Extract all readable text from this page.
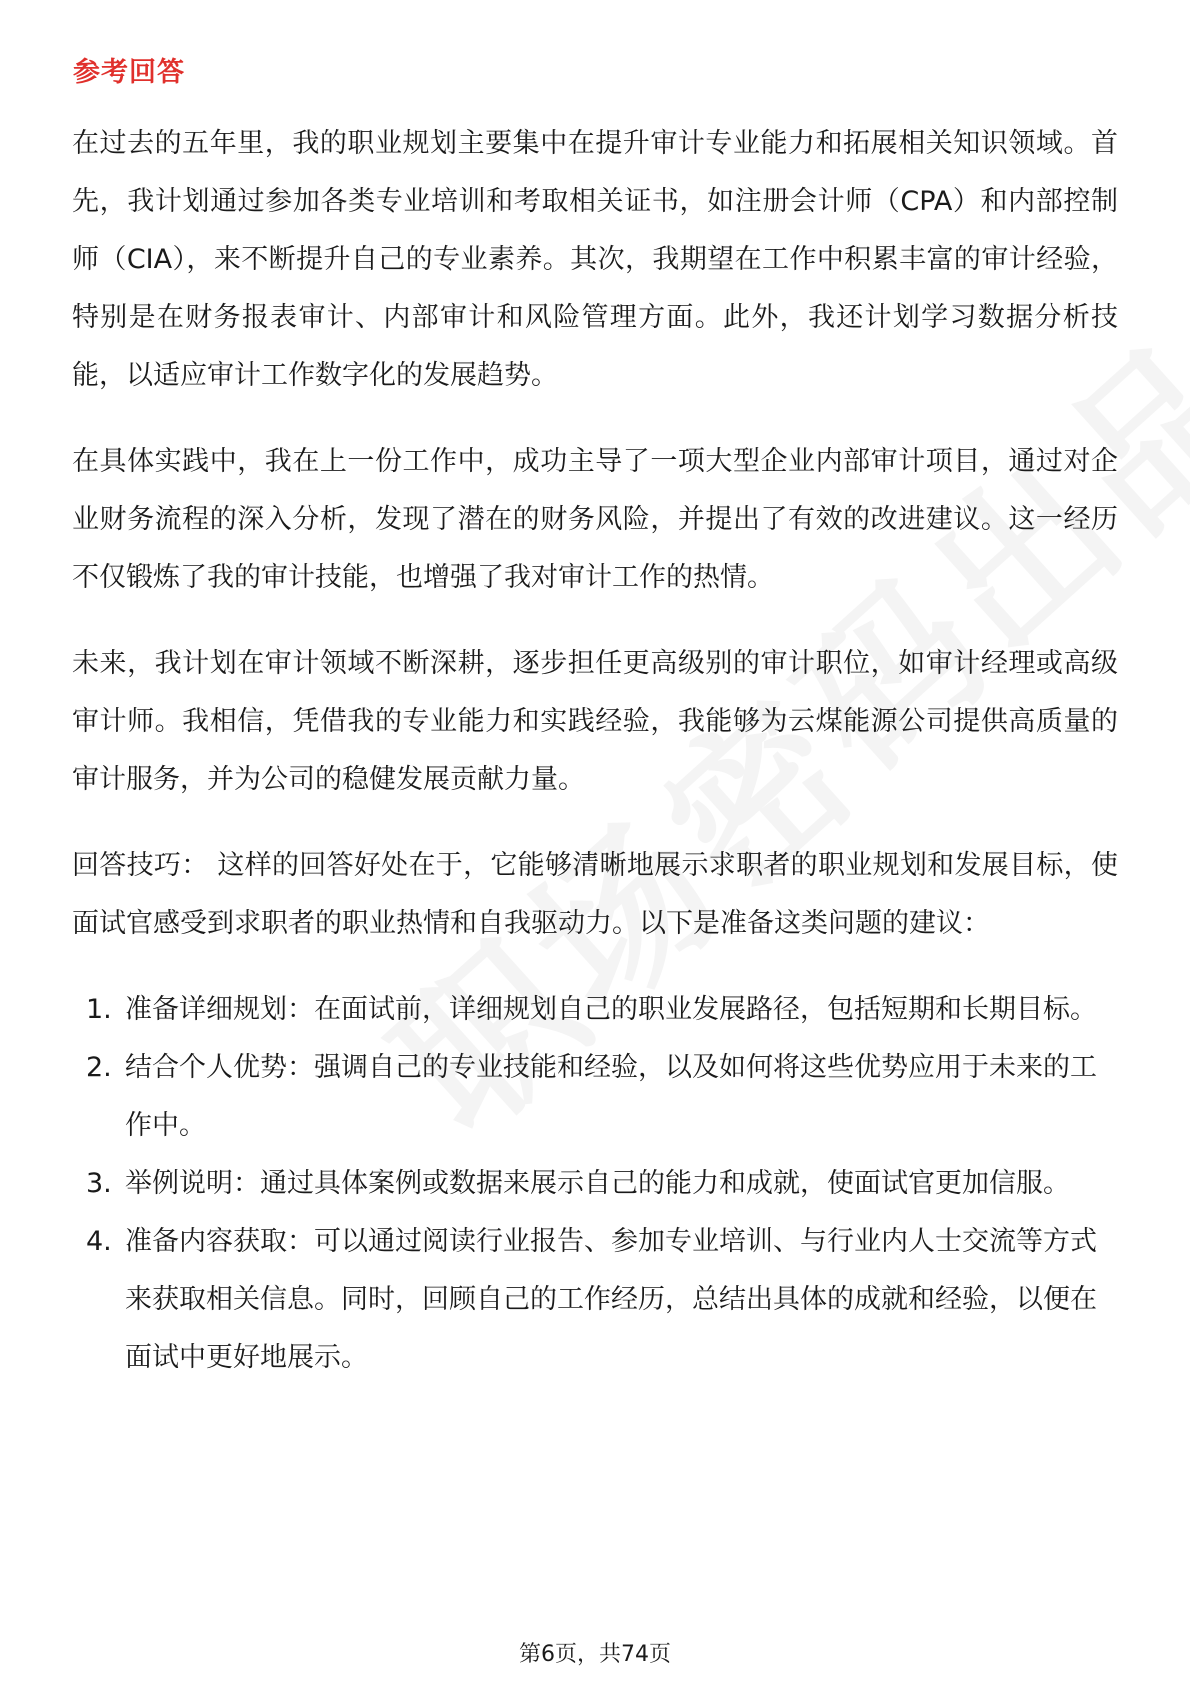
参考回答

在过去的五年里，我的职业规划主要集中在提升审计专业能力和拓展相关知识领域。首先，我计划通过参加各类专业培训和考取相关证书，如注册会计师（CPA）和内部控制师（CIA），来不断提升自己的专业素养。其次，我期望在工作中积累丰富的审计经验，特别是在财务报表审计、内部审计和风险管理方面。此外，我还计划学习数据分析技能，以适应审计工作数字化的发展趋势。

在具体实践中，我在上一份工作中，成功主导了一项大型企业内部审计项目，通过对企业财务流程的深入分析，发现了潜在的财务风险，并提出了有效的改进建议。这一经历不仅锻炼了我的审计技能，也增强了我对审计工作的热情。

未来，我计划在审计领域不断深耕，逐步担任更高级别的审计职位，如审计经理或高级审计师。我相信，凭借我的专业能力和实践经验，我能够为云煤能源公司提供高质量的审计服务，并为公司的稳健发展贡献力量。

回答技巧： 这样的回答好处在于，它能够清晰地展示求职者的职业规划和发展目标，使面试官感受到求职者的职业热情和自我驱动力。以下是准备这类问题的建议：

1. 准备详细规划：在面试前，详细规划自己的职业发展路径，包括短期和长期目标。
2. 结合个人优势：强调自己的专业技能和经验，以及如何将这些优势应用于未来的工作中。
3. 举例说明：通过具体案例或数据来展示自己的能力和成就，使面试官更加信服。
4. 准备内容获取：可以通过阅读行业报告、参加专业培训、与行业内人士交流等方式来获取相关信息。同时，回顾自己的工作经历，总结出具体的成就和经验，以便在面试中更好地展示。
第6页，共74页
